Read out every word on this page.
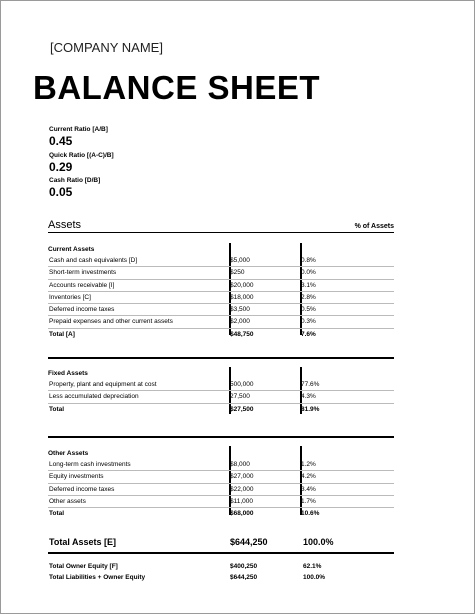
[COMPANY NAME]
BALANCE SHEET
Current Ratio [A/B]
0.45
Quick Ratio [(A-C)/B]
0.29
Cash Ratio [D/B]
0.05
Assets	% of Assets
Current Assets
Cash and cash equivalents [D]	$5,000	0.8%
Short-term investments	$250	0.0%
Accounts receivable [I]	$20,000	3.1%
Inventories [C]	$18,000	2.8%
Deferred income taxes	$3,500	0.5%
Prepaid expenses and other current assets	$2,000	0.3%
Total [A]	$48,750	7.6%
Fixed Assets
Property, plant and equipment at cost	500,000	77.6%
Less accumulated depreciation	27,500	4.3%
Total	$27,500	81.9%
Other Assets
Long-term cash investments	$8,000	1.2%
Equity investments	$27,000	4.2%
Deferred income taxes	$22,000	3.4%
Other assets	$11,000	1.7%
Total	$68,000	10.6%
Total Assets [E]	$644,250	100.0%
Total Owner Equity [F]	$400,250	62.1%
Total Liabilities + Owner Equity	$644,250	100.0%
